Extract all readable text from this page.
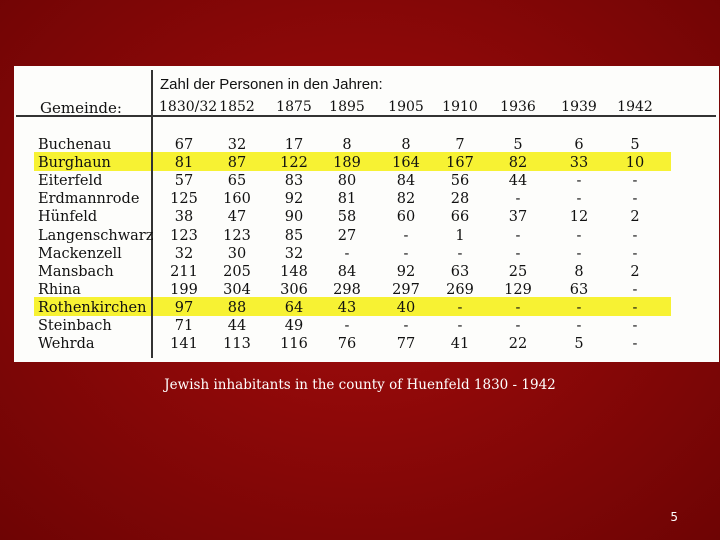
Zahl der Personen in den Jahren:
Gemeinde:	1830/32 1852	1875	1895	1905	1910	1936	1939	1942
Buchenau	67	32	17	8	8	7	5	6	5
Burghaun	81	87	122	189	164	167	82	33	10
Eiterfeld	57	65	83	80	84	56	44	-	-
Erdmannrode	125	160	92	81	82	28	-	-	-
Hünfeld	38	47	90	58	60	66	37	12	2
Langenschwarz	123	123	85	27	-	1	-	-	-
Mackenzell	32	30	32	-	-	-	-	-	-
Mansbach	211	205	148	84	92	63	25	8	2
Rhina	199	304	306	298	297	269	129	63	-
Rothenkirchen	97	88	64	43	40	-	-	-	-
Steinbach	71	44	49	-	-	-	-	-	-
Wehrda	141	113	116	76	77	41	22	5	-
Jewish inhabitants in the county of Huenfeld 1830 - 1942
5
